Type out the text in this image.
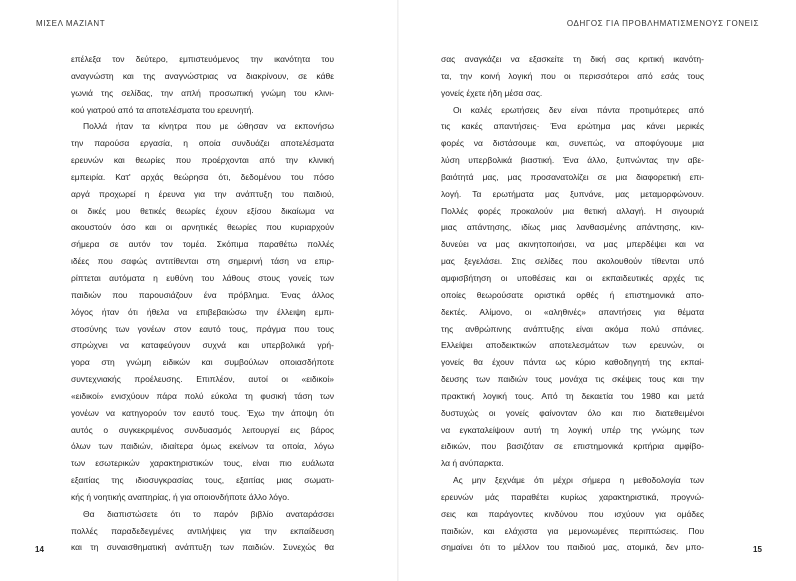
ΜΙΣΕΛ ΜΑΖΙΑΝΤ
επέλεξα τον δεύτερο, εμπιστευόμενος την ικανότητα του
αναγνώστη και της αναγνώστριας να διακρίνουν, σε κάθε
γωνιά της σελίδας, την απλή προσωπική γνώμη του κλινι-
κού γιατρού από τα αποτελέσματα του ερευνητή.
Πολλά ήταν τα κίνητρα που με ώθησαν να εκπονήσω
την παρούσα εργασία, η οποία συνδυάζει αποτελέσματα
ερευνών και θεωρίες που προέρχονται από την κλινική
εμπειρία. Κατ' αρχάς θεώρησα ότι, δεδομένου του πόσο
αργά προχωρεί η έρευνα για την ανάπτυξη του παιδιού,
οι δικές μου θετικές θεωρίες έχουν εξίσου δικαίωμα να
ακουστούν όσο και οι αρνητικές θεωρίες που κυριαρχούν
σήμερα σε αυτόν τον τομέα. Σκόπιμα παραθέτω πολλές
ιδέες που σαφώς αντιτίθενται στη σημερινή τάση να επιρ-
ρίπτεται αυτόματα η ευθύνη του λάθους στους γονείς των
παιδιών που παρουσιάζουν ένα πρόβλημα. Ένας άλλος
λόγος ήταν ότι ήθελα να επιβεβαιώσω την έλλειψη εμπι-
στοσύνης των γονέων στον εαυτό τους, πράγμα που τους
σπρώχνει να καταφεύγουν συχνά και υπερβολικά γρή-
γορα στη γνώμη ειδικών και συμβούλων οποιασδήποτε
συντεχνιακής προέλευσης. Επιπλέον, αυτοί οι «ειδικοί»
«ειδικοί» ενισχύουν πάρα πολύ εύκολα τη φυσική τάση των
γονέων να κατηγορούν τον εαυτό τους. Έχω την άποψη ότι
αυτός ο συγκεκριμένος συνδυασμός λειτουργεί εις βάρος
όλων των παιδιών, ιδιαίτερα όμως εκείνων τα οποία, λόγω
των εσωτερικών χαρακτηριστικών τους, είναι πιο ευάλωτα
εξαιτίας της ιδιοσυγκρασίας τους, εξαιτίας μιας σωματι-
κής ή νοητικής αναπηρίας, ή για οποιονδήποτε άλλο λόγο.
Θα διαπιστώσετε ότι το παρόν βιβλίο αναταράσσει
πολλές παραδεδεγμένες αντιλήψεις για την εκπαίδευση
και τη συναισθηματική ανάπτυξη των παιδιών. Συνεχώς θα
14
ΟΔΗΓΟΣ ΓΙΑ ΠΡΟΒΛΗΜΑΤΙΣΜΕΝΟΥΣ ΓΟΝΕΙΣ
σας αναγκάζει να εξασκείτε τη δική σας κριτική ικανότη-
τα, την κοινή λογική που οι περισσότεροι από εσάς τους
γονείς έχετε ήδη μέσα σας.
Οι καλές ερωτήσεις δεν είναι πάντα προτιμότερες από
τις κακές απαντήσεις· Ένα ερώτημα μας κάνει μερικές
φορές να διστάσουμε και, συνεπώς, να αποφύγουμε μια
λύση υπερβολικά βιαστική. Ένα άλλο, ξυπνώντας την αβε-
βαιότητά μας, μας προσανατολίζει σε μια διαφορετική επι-
λογή. Τα ερωτήματα μας ξυπνάνε, μας μεταμορφώνουν.
Πολλές φορές προκαλούν μια θετική αλλαγή. Η σιγουριά
μιας απάντησης, ιδίως μιας λανθασμένης απάντησης, κιν-
δυνεύει να μας ακινητοποιήσει, να μας μπερδέψει και να
μας ξεγελάσει. Στις σελίδες που ακολουθούν τίθενται υπό
αμφισβήτηση οι υποθέσεις και οι εκπαιδευτικές αρχές τις
οποίες θεωρούσατε οριστικά ορθές ή επιστημονικά απο-
δεκτές. Αλίμονο, οι «αληθινές» απαντήσεις για θέματα
της ανθρώπινης ανάπτυξης είναι ακόμα πολύ σπάνιες.
Ελλείψει αποδεικτικών αποτελεσμάτων των ερευνών, οι
γονείς θα έχουν πάντα ως κύριο καθοδηγητή της εκπαί-
δευσης των παιδιών τους μονάχα τις σκέψεις τους και την
πρακτική λογική τους. Από τη δεκαετία του 1980 και μετά
δυστυχώς οι γονείς φαίνονταν όλο και πιο διατεθειμένοι
να εγκαταλείψουν αυτή τη λογική υπέρ της γνώμης των
ειδικών, που βασιζόταν σε επιστημονικά κριτήρια αμφίβο-
λα ή ανύπαρκτα.
Ας μην ξεχνάμε ότι μέχρι σήμερα η μεθοδολογία των
ερευνών μάς παραθέτει κυρίως χαρακτηριστικά, προγνώ-
σεις και παράγοντες κινδύνου που ισχύουν για ομάδες
παιδιών, και ελάχιστα για μεμονωμένες περιπτώσεις. Που
σημαίνει ότι το μέλλον του παιδιού μας, ατομικά, δεν μπο-	15
